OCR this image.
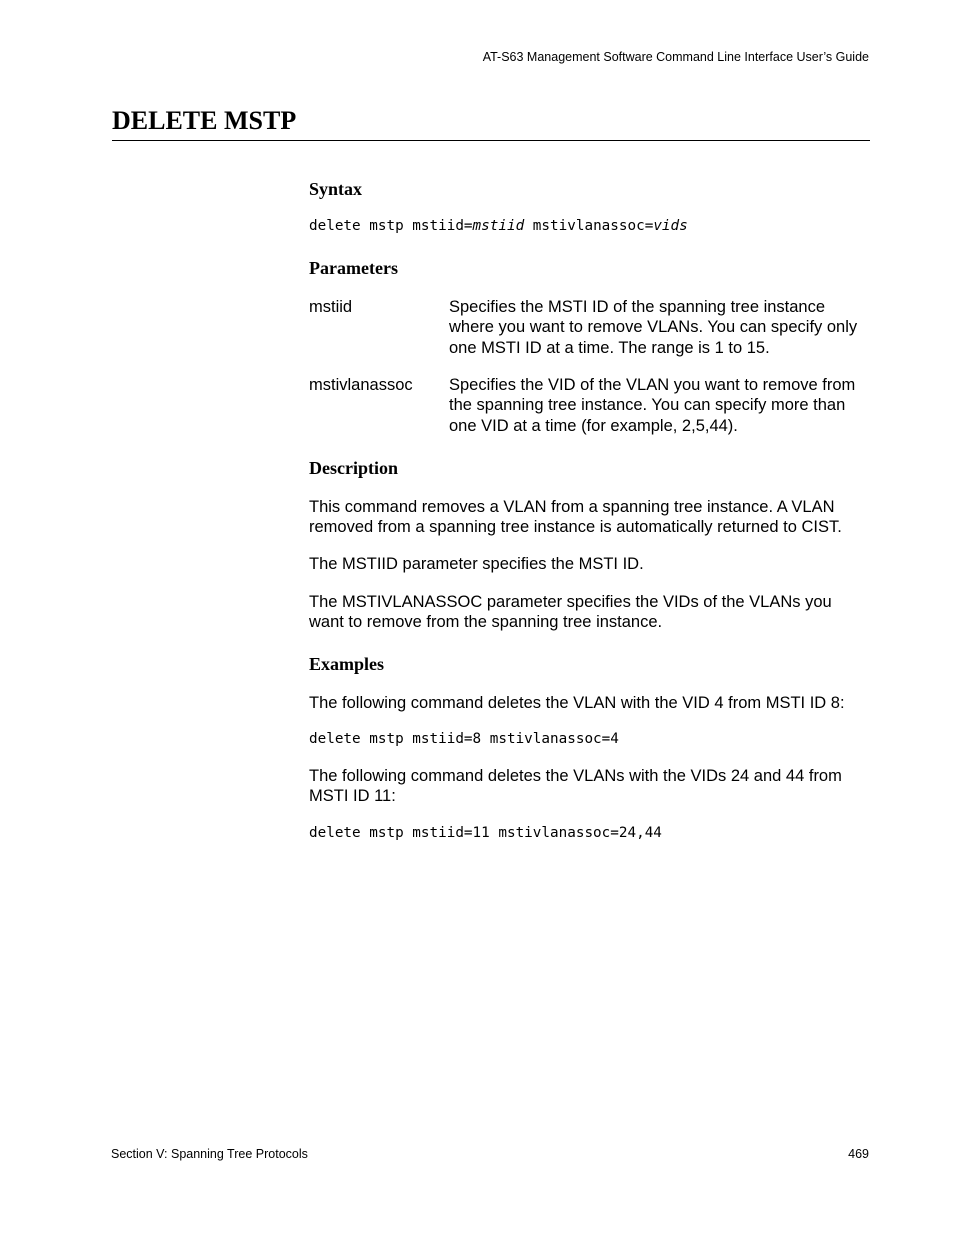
AT-S63 Management Software Command Line Interface User’s Guide
DELETE MSTP
Syntax
delete mstp mstiid=mstiid mstivlanassoc=vids
Parameters
mstiid	Specifies the MSTI ID of the spanning tree instance where you want to remove VLANs. You can specify only one MSTI ID at a time. The range is 1 to 15.
mstivlanassoc Specifies the VID of the VLAN you want to remove from the spanning tree instance. You can specify more than one VID at a time (for example, 2,5,44).
Description

This command removes a VLAN from a spanning tree instance. A VLAN removed from a spanning tree instance is automatically returned to CIST.

The MSTIID parameter specifies the MSTI ID.

The MSTIVLANASSOC parameter specifies the VIDs of the VLANs you want to remove from the spanning tree instance.

Examples

The following command deletes the VLAN with the VID 4 from MSTI ID 8:

delete mstp mstiid=8 mstivlanassoc=4

The following command deletes the VLANs with the VIDs 24 and 44 from MSTI ID 11:

delete mstp mstiid=11 mstivlanassoc=24,44
Section V: Spanning Tree Protocols	469
